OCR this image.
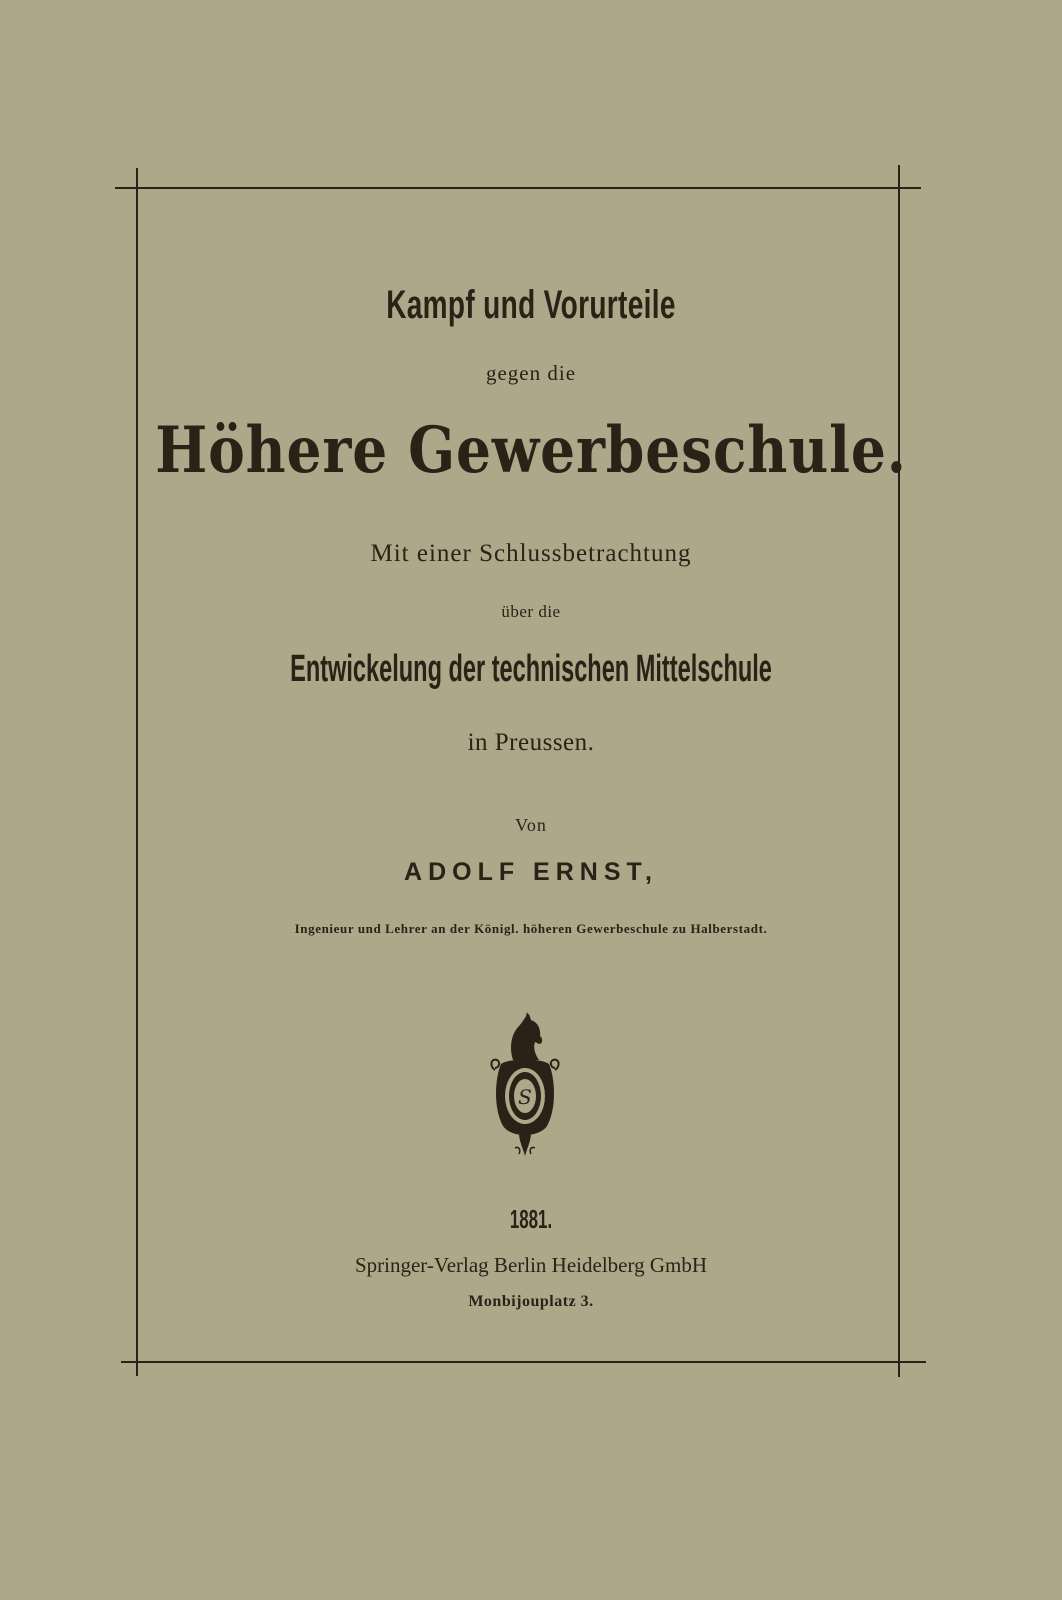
Kampf und Vorurteile
gegen die
Höhere Gewerbeschule.
Mit einer Schlussbetrachtung
über die
Entwickelung der technischen Mittelschule
in Preussen.
Von
ADOLF ERNST,
Ingenieur und Lehrer an der Königl. höheren Gewerbeschule zu Halberstadt.
S
1881.
Springer-Verlag Berlin Heidelberg GmbH
Monbijouplatz 3.
